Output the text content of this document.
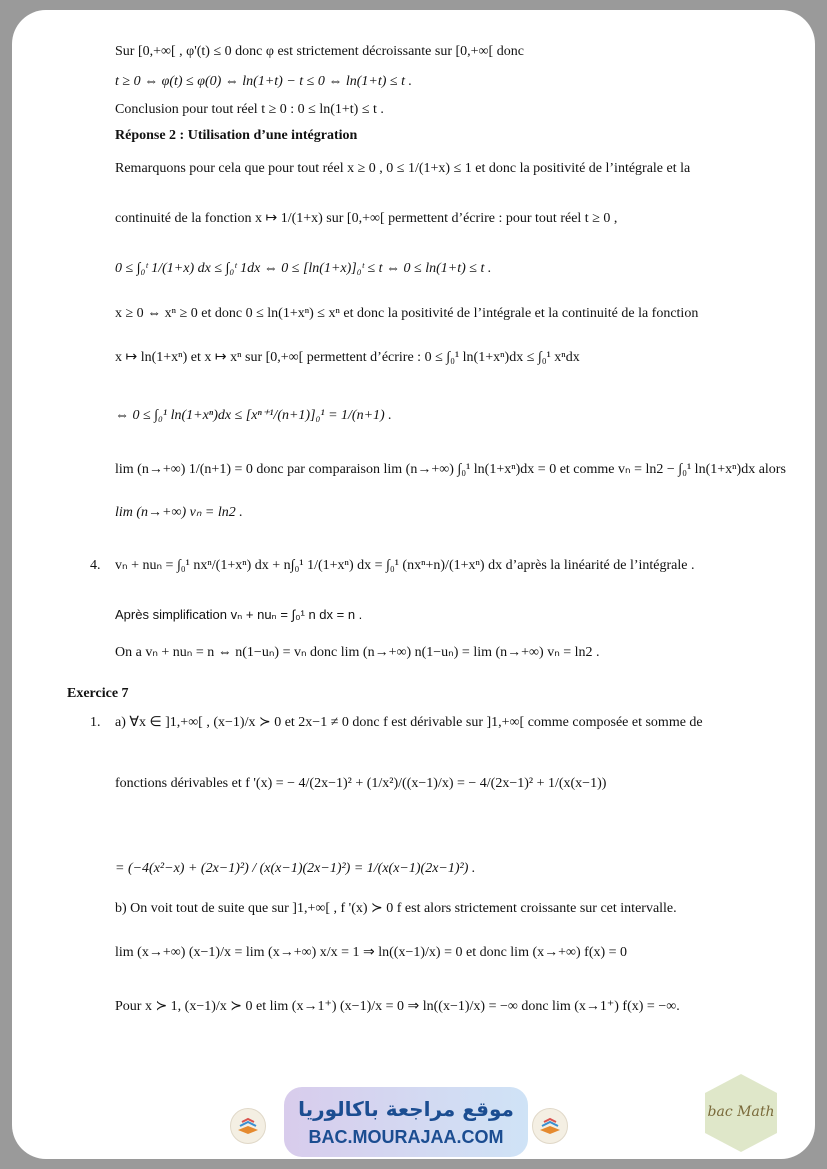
Sur [0,+∞[ , φ'(t) ≤ 0 donc φ est strictement décroissante sur [0,+∞[ donc
t ≥ 0 ⇔ φ(t) ≤ φ(0) ⇔ ln(1+t) − t ≤ 0 ⇔ ln(1+t) ≤ t .
Conclusion pour tout réel t ≥ 0 : 0 ≤ ln(1+t) ≤ t .
Réponse 2 : Utilisation d’une intégration
Remarquons pour cela que pour tout réel x ≥ 0 , 0 ≤ 1/(1+x) ≤ 1 et donc la positivité de l’intégrale et la
continuité de la fonction x ↦ 1/(1+x) sur [0,+∞[ permettent d’écrire : pour tout réel t ≥ 0 ,
0 ≤ ∫₀ᵗ 1/(1+x) dx ≤ ∫₀ᵗ 1dx ⇔ 0 ≤ [ln(1+x)]₀ᵗ ≤ t ⇔ 0 ≤ ln(1+t) ≤ t .
x ≥ 0 ⇔ xⁿ ≥ 0 et donc 0 ≤ ln(1+xⁿ) ≤ xⁿ et donc la positivité de l’intégrale et la continuité de la fonction
x ↦ ln(1+xⁿ) et x ↦ xⁿ sur [0,+∞[ permettent d’écrire : 0 ≤ ∫₀¹ ln(1+xⁿ)dx ≤ ∫₀¹ xⁿdx
⇔ 0 ≤ ∫₀¹ ln(1+xⁿ)dx ≤ [xⁿ⁺¹/(n+1)]₀¹ = 1/(n+1) .
lim (n→+∞) 1/(n+1) = 0 donc par comparaison lim (n→+∞) ∫₀¹ ln(1+xⁿ)dx = 0 et comme vₙ = ln2 − ∫₀¹ ln(1+xⁿ)dx alors
lim (n→+∞) vₙ = ln2 .
4. vₙ + nuₙ = ∫₀¹ nxⁿ/(1+xⁿ) dx + n∫₀¹ 1/(1+xⁿ) dx = ∫₀¹ (nxⁿ+n)/(1+xⁿ) dx d’après la linéarité de l’intégrale .
Après simplification vₙ + nuₙ = ∫₀¹ n dx = n .
On a vₙ + nuₙ = n ⇔ n(1−uₙ) = vₙ donc lim (n→+∞) n(1−uₙ) = lim (n→+∞) vₙ = ln2 .
Exercice 7
1. a) ∀x ∈ ]1,+∞[ , (x−1)/x ≻ 0 et 2x−1 ≠ 0 donc f est dérivable sur ]1,+∞[ comme composée et somme de
fonctions dérivables et f '(x) = − 4/(2x−1)² + (1/x²)/((x−1)/x) = − 4/(2x−1)² + 1/(x(x−1))
= (−4(x²−x) + (2x−1)²) / (x(x−1)(2x−1)²) = 1/(x(x−1)(2x−1)²) .
b) On voit tout de suite que sur ]1,+∞[ , f '(x) ≻ 0 f est alors strictement croissante sur cet intervalle.
lim (x→+∞) (x−1)/x = lim (x→+∞) x/x = 1 ⇒ ln((x−1)/x) = 0 et donc lim (x→+∞) f(x) = 0
Pour x ≻ 1, (x−1)/x ≻ 0 et lim (x→1⁺) (x−1)/x = 0 ⇒ ln((x−1)/x) = −∞ donc lim (x→1⁺) f(x) = −∞.
موقع مراجعة باكالوريا
BAC.MOURAJAA.COM
bac Math
